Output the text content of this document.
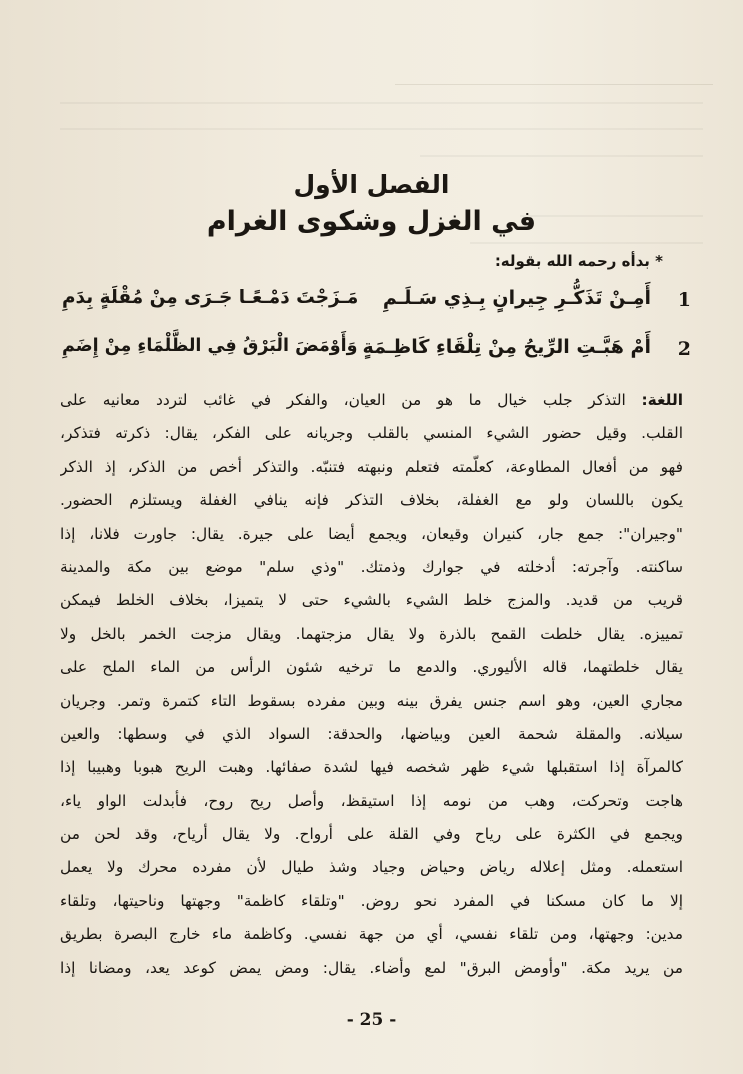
الفصل الأول
في الغزل وشكوى الغرام
* بدأه رحمه الله بقوله:
1
أَمِـنْ تَذَكُّـرِ جِيرانٍ بِـذِي سَـلَـمِ
مَـزَجْتَ دَمْـعًـا جَـرَى مِنْ مُقْلَةٍ بِدَمِ
2
أَمْ هَبَّـتِ الرِّيحُ مِنْ تِلْقَاءِ كَاظِـمَةٍ
وَأَوْمَضَ الْبَرْقُ فِي الظَّلْمَاءِ مِنْ إِضَمِ

اللغة: التذكر جلب خيال ما هو من العيان، والفكر في غائب لتردد معانيه على

القلب. وقيل حضور الشيء المنسي بالقلب وجريانه على الفكر، يقال: ذكرته فتذكر،

فهو من أفعال المطاوعة، كعلّمته فتعلم ونبهته فتنبّه. والتذكر أخص من الذكر، إذ الذكر

يكون باللسان ولو مع الغفلة، بخلاف التذكر فإنه ينافي الغفلة ويستلزم الحضور.

"وجيران": جمع جار، كنيران وقيعان، ويجمع أيضا على جيرة. يقال: جاورت فلانا، إذا

ساكنته. وآجرته: أدخلته في جوارك وذمتك. "وذي سلم" موضع بين مكة والمدينة

قريب من قديد. والمزج خلط الشيء بالشيء حتى لا يتميزا، بخلاف الخلط فيمكن

تمييزه. يقال خلطت القمح بالذرة ولا يقال مزجتهما. ويقال مزجت الخمر بالخل ولا

يقال خلطتهما، قاله الأليوري. والدمع ما ترخيه شئون الرأس من الماء الملح على

مجاري العين، وهو اسم جنس يفرق بينه وبين مفرده بسقوط التاء كتمرة وتمر. وجريان

سيلانه. والمقلة شحمة العين وبياضها، والحدقة: السواد الذي في وسطها: والعين

كالمرآة إذا استقبلها شيء ظهر شخصه فيها لشدة صفائها. وهبت الريح هبوبا وهبيبا إذا

هاجت وتحركت، وهب من نومه إذا استيقظ، وأصل ريح روح، فأبدلت الواو ياء،

ويجمع في الكثرة على رياح وفي القلة على أرواح. ولا يقال أرياح، وقد لحن من

استعمله. ومثل إعلاله رياض وحياض وجياد وشذ طيال لأن مفرده محرك ولا يعمل

إلا ما كان مسكنا في المفرد نحو روض. "وتلقاء كاظمة" وجهتها وناحيتها، وتلقاء

مدين: وجهتها، ومن تلقاء نفسي، أي من جهة نفسي. وكاظمة ماء خارج البصرة بطريق

من يريد مكة. "وأومض البرق" لمع وأضاء. يقال: ومض يمض كوعد يعد، ومضانا إذا

- 25 -
